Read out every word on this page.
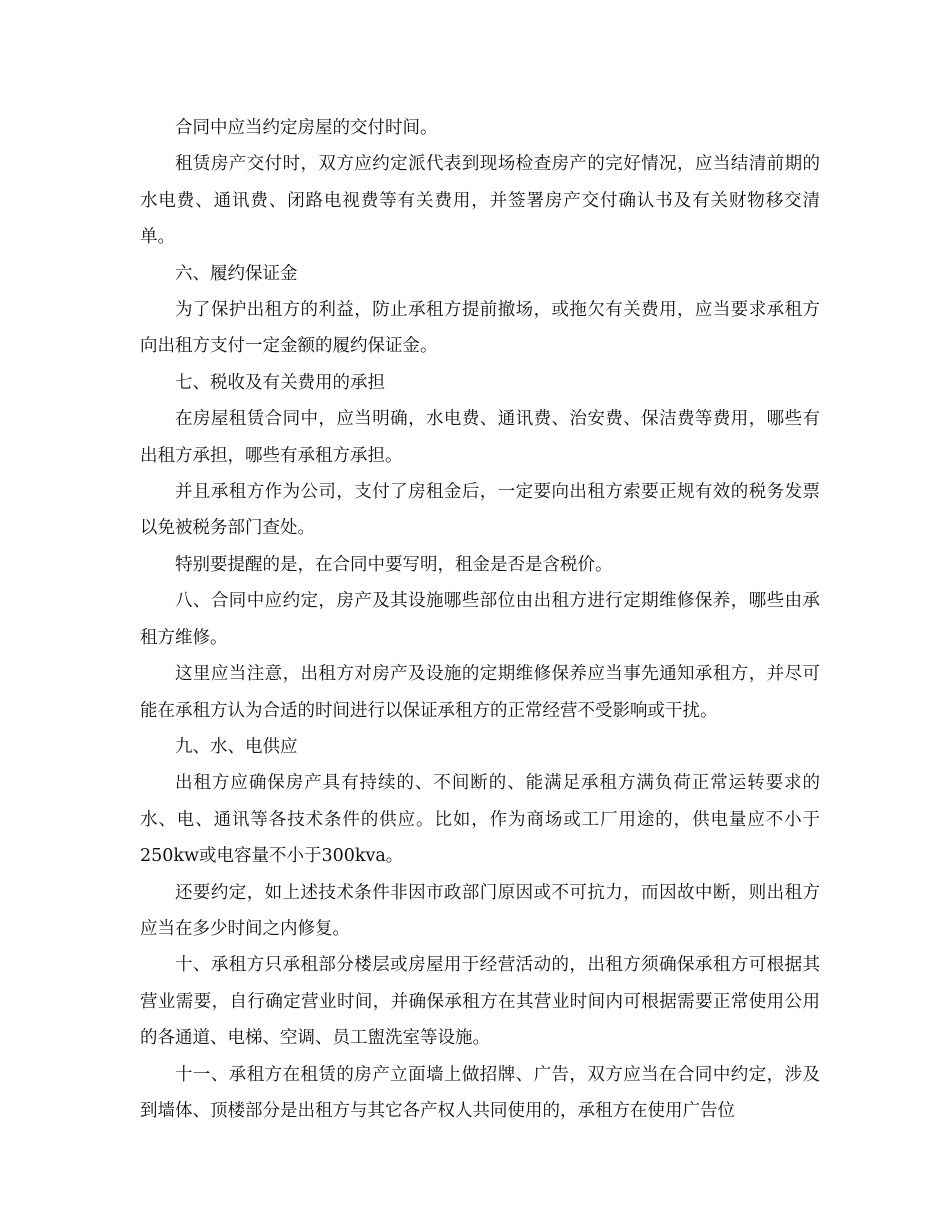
合同中应当约定房屋的交付时间。

租赁房产交付时，双方应约定派代表到现场检查房产的完好情况，应当结清前期的水电费、通讯费、闭路电视费等有关费用，并签署房产交付确认书及有关财物移交清单。

六、履约保证金

为了保护出租方的利益，防止承租方提前撤场，或拖欠有关费用，应当要求承租方向出租方支付一定金额的履约保证金。

七、税收及有关费用的承担

在房屋租赁合同中，应当明确，水电费、通讯费、治安费、保洁费等费用，哪些有出租方承担，哪些有承租方承担。

并且承租方作为公司，支付了房租金后，一定要向出租方索要正规有效的税务发票以免被税务部门查处。

特别要提醒的是，在合同中要写明，租金是否是含税价。

八、合同中应约定，房产及其设施哪些部位由出租方进行定期维修保养，哪些由承租方维修。

这里应当注意，出租方对房产及设施的定期维修保养应当事先通知承租方，并尽可能在承租方认为合适的时间进行以保证承租方的正常经营不受影响或干扰。

九、水、电供应

出租方应确保房产具有持续的、不间断的、能满足承租方满负荷正常运转要求的水、电、通讯等各技术条件的供应。比如，作为商场或工厂用途的，供电量应不小于250kw或电容量不小于300kva。

还要约定，如上述技术条件非因市政部门原因或不可抗力，而因故中断，则出租方应当在多少时间之内修复。

十、承租方只承租部分楼层或房屋用于经营活动的，出租方须确保承租方可根据其营业需要，自行确定营业时间，并确保承租方在其营业时间内可根据需要正常使用公用的各通道、电梯、空调、员工盥洗室等设施。

十一、承租方在租赁的房产立面墙上做招牌、广告，双方应当在合同中约定，涉及到墙体、顶楼部分是出租方与其它各产权人共同使用的，承租方在使用广告位
